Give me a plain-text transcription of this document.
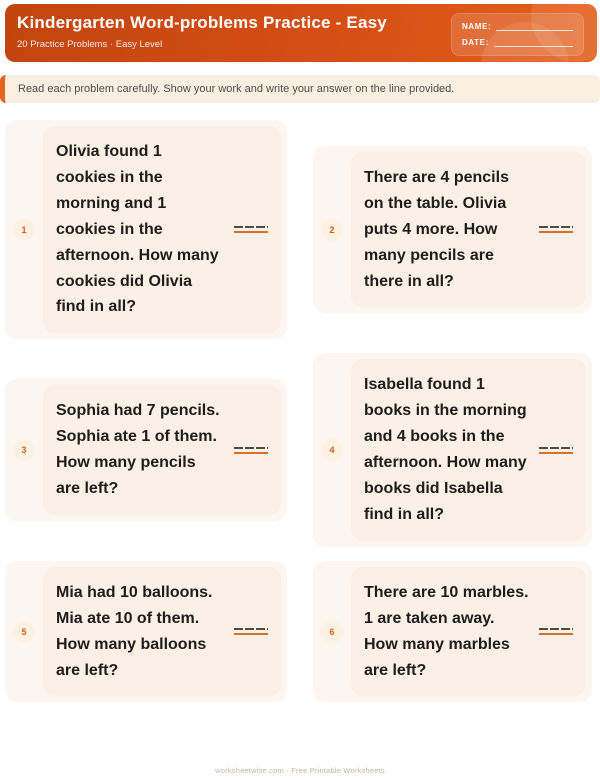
Kindergarten Word-problems Practice - Easy
20 Practice Problems · Easy Level
NAME:
DATE:
Read each problem carefully. Show your work and write your answer on the line provided.
1
Olivia found 1 cookies in the morning and 1 cookies in the afternoon. How many cookies did Olivia find in all?
2
There are 4 pencils on the table. Olivia puts 4 more. How many pencils are there in all?
3
Sophia had 7 pencils. Sophia ate 1 of them. How many pencils are left?
4
Isabella found 1 books in the morning and 4 books in the afternoon. How many books did Isabella find in all?
5
Mia had 10 balloons. Mia ate 10 of them. How many balloons are left?
6
There are 10 marbles. 1 are taken away. How many marbles are left?
worksheetwise.com · Free Printable Worksheets
